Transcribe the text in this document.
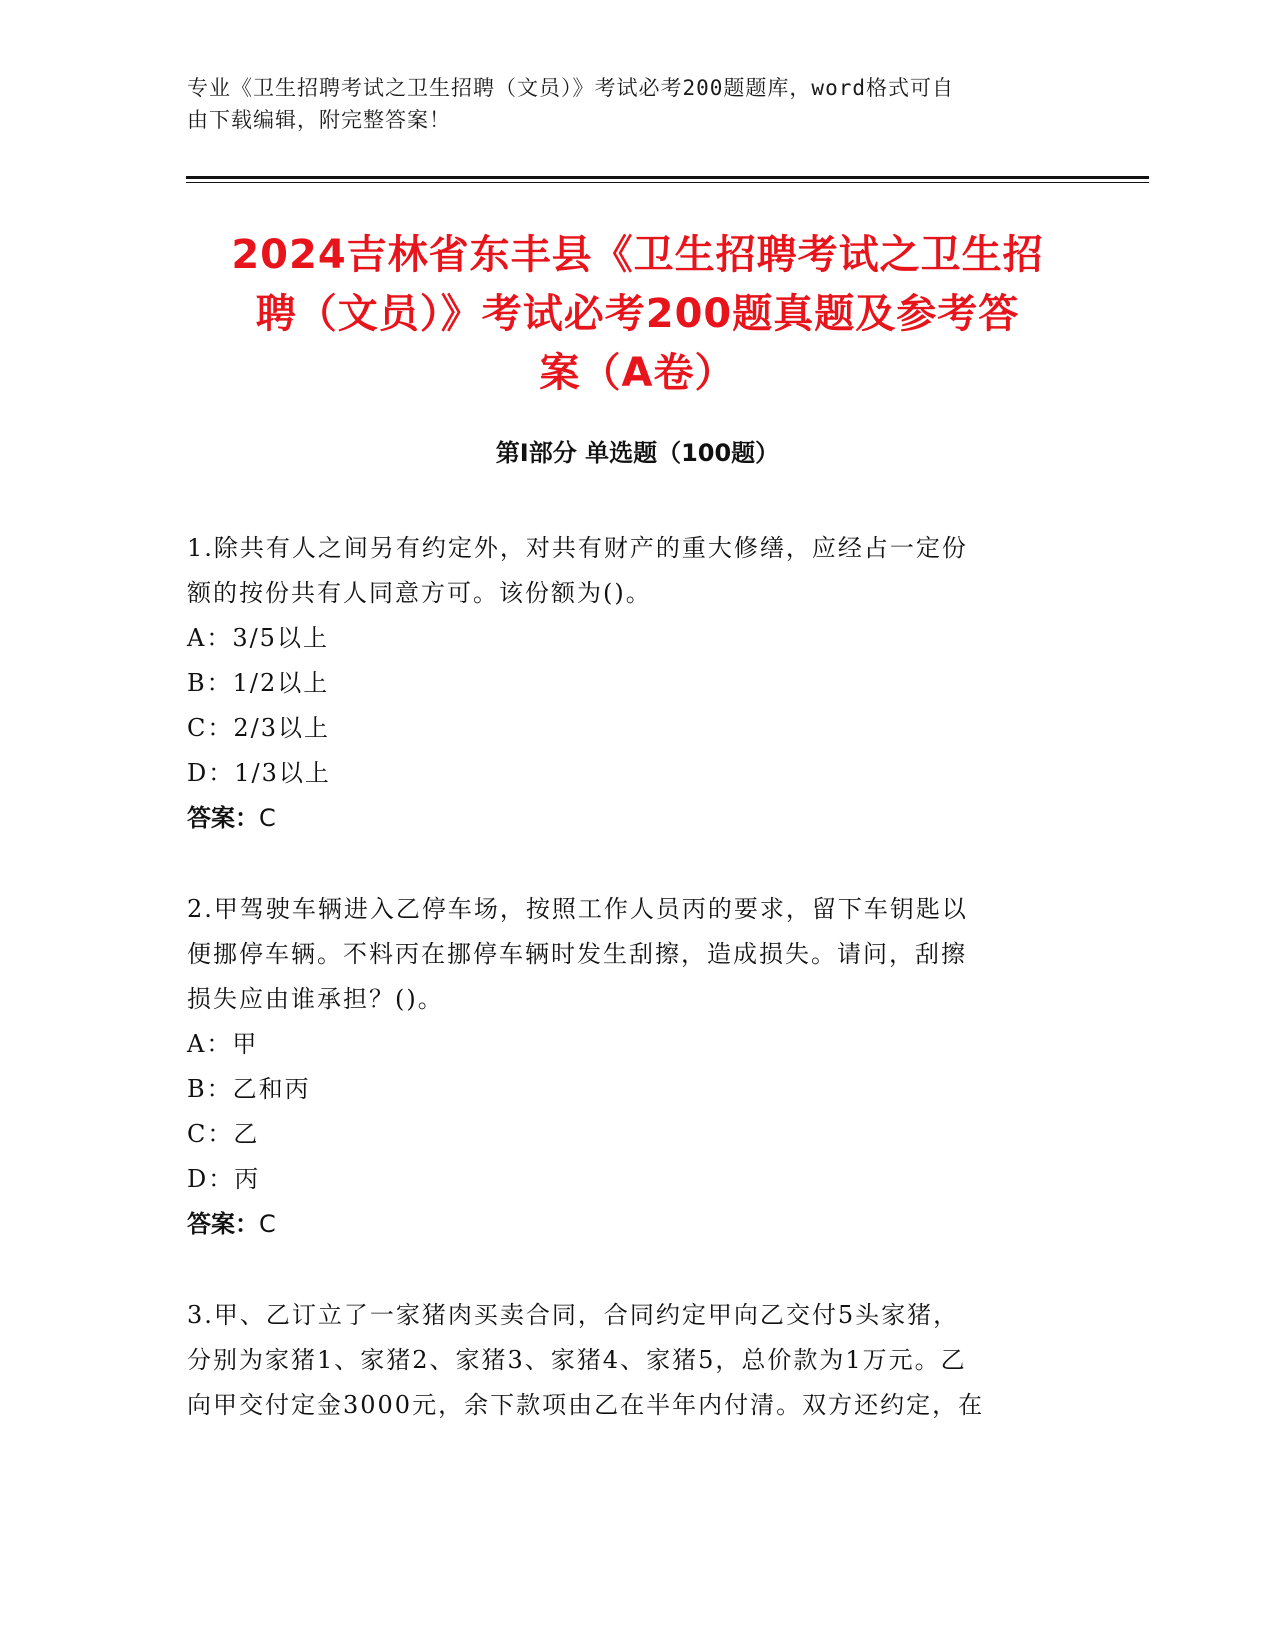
专业《卫生招聘考试之卫生招聘（文员）》考试必考200题题库，word格式可自
由下载编辑，附完整答案！
2024吉林省东丰县《卫生招聘考试之卫生招
聘（文员）》考试必考200题真题及参考答
案（A卷）
第Ⅰ部分 单选题（100题）

1.除共有人之间另有约定外，对共有财产的重大修缮，应经占一定份

额的按份共有人同意方可。该份额为()。

A：3/5以上

B：1/2以上

C：2/3以上

D：1/3以上

答案：C

2.甲驾驶车辆进入乙停车场，按照工作人员丙的要求，留下车钥匙以

便挪停车辆。不料丙在挪停车辆时发生刮擦，造成损失。请问，刮擦

损失应由谁承担？()。

A：甲

B：乙和丙

C：乙

D：丙

答案：C

3.甲、乙订立了一家猪肉买卖合同，合同约定甲向乙交付5头家猪，

分别为家猪1、家猪2、家猪3、家猪4、家猪5，总价款为1万元。乙

向甲交付定金3000元，余下款项由乙在半年内付清。双方还约定，在
